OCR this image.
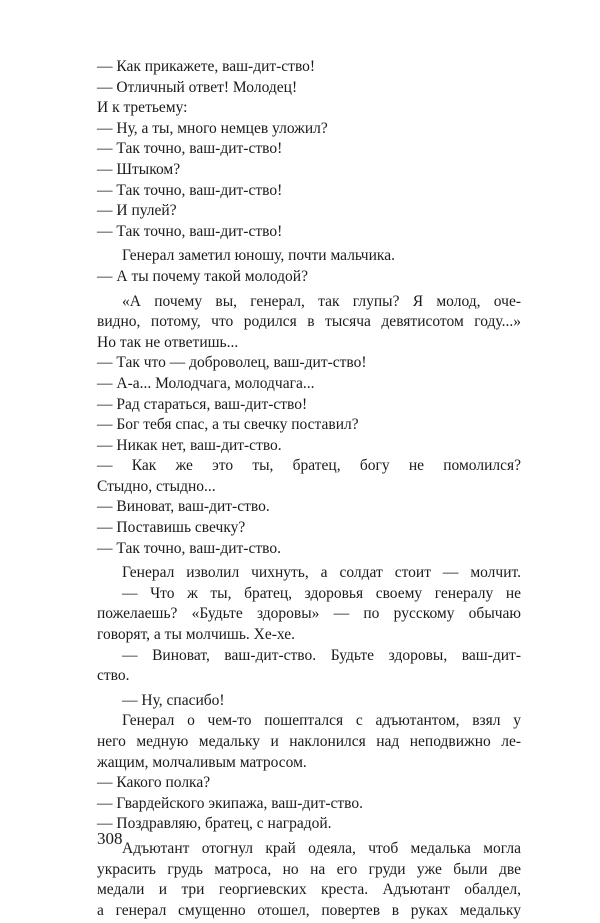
— Как прикажете, ваш-дит-ство!
— Отличный ответ! Молодец!
И к третьему:
— Ну, а ты, много немцев уложил?
— Так точно, ваш-дит-ство!
— Штыком?
— Так точно, ваш-дит-ство!
— И пулей?
— Так точно, ваш-дит-ство!
Генерал заметил юношу, почти мальчика.
— А ты почему такой молодой?
«А почему вы, генерал, так глупы? Я молод, оче-
видно, потому, что родился в тысяча девятисотом году...»
Но так не ответишь...
— Так что — доброволец, ваш-дит-ство!
— А-а... Молодчага, молодчага...
— Рад стараться, ваш-дит-ство!
— Бог тебя спас, а ты свечку поставил?
— Никак нет, ваш-дит-ство.
— Как же это ты, братец, богу не помолился?
Стыдно, стыдно...
— Виноват, ваш-дит-ство.
— Поставишь свечку?
— Так точно, ваш-дит-ство.
Генерал изволил чихнуть, а солдат стоит — молчит.
— Что ж ты, братец, здоровья своему генералу не
пожелаешь? «Будьте здоровы» — по русскому обычаю
говорят, а ты молчишь. Хе-хе.
— Виноват, ваш-дит-ство. Будьте здоровы, ваш-дит-
ство.
— Ну, спасибо!
Генерал о чем-то пошептался с адъютантом, взял у
него медную медальку и наклонился над неподвижно ле-
жащим, молчаливым матросом.
— Какого полка?
— Гвардейского экипажа, ваш-дит-ство.
— Поздравляю, братец, с наградой.
Адъютант отогнул край одеяла, чтоб медалька могла
украсить грудь матроса, но на его груди уже были две
медали и три георгиевских креста. Адъютант обалдел,
а генерал смущенно отошел, повертев в руках медальку
308
